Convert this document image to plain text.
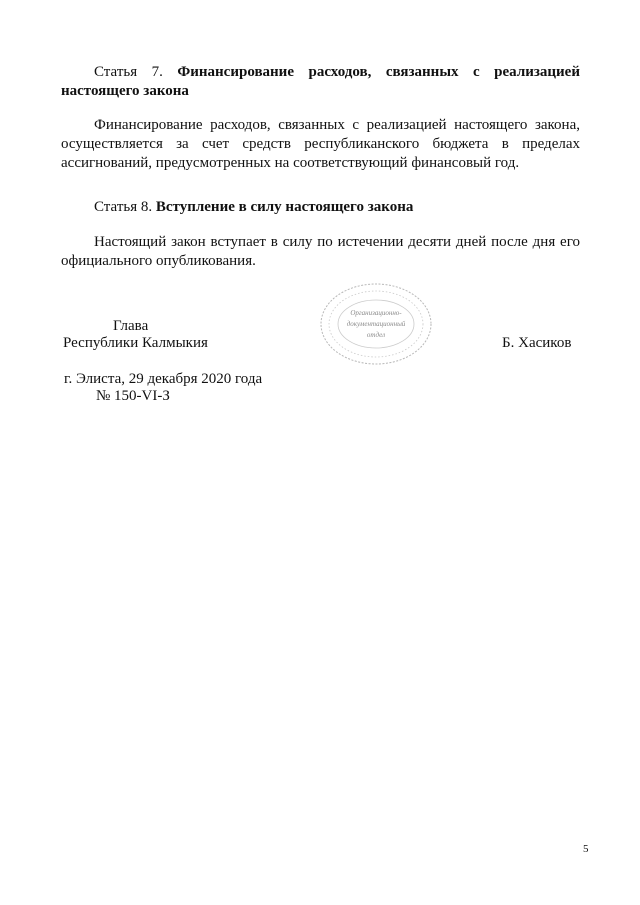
Статья 7. Финансирование расходов, связанных с реализацией настоящего закона

Финансирование расходов, связанных с реализацией настоящего закона, осуществляется за счет средств республиканского бюджета в пределах ассигнований, предусмотренных на соответствующий финансовый год.

Статья 8. Вступление в силу настоящего закона

Настоящий закон вступает в силу по истечении десяти дней после дня его официального опубликования.

Глава

Республики Калмыкия	Б. Хасиков

Организационно-
документационный
отдел

г. Элиста, 29 декабря 2020 года

№ 150-VI-З

5
